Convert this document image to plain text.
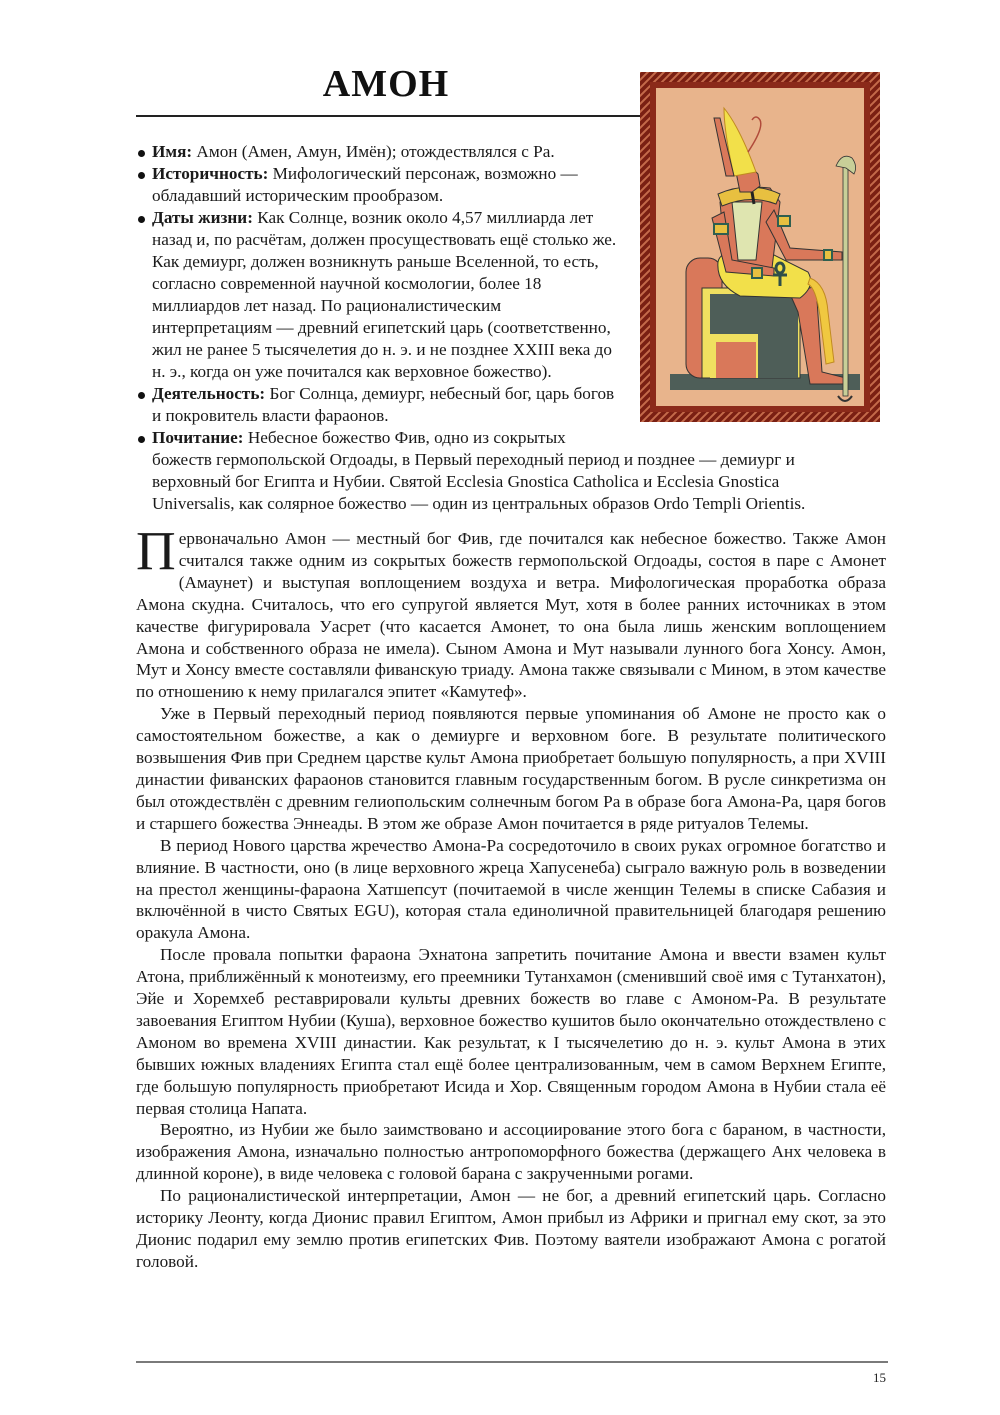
АМОН
Имя: Амон (Амен, Амун, Имён); отождествлялся с Ра.
Историчность: Мифологический персонаж, возможно — обладавший историческим прообразом.
Даты жизни: Как Солнце, возник около 4,57 миллиарда лет назад и, по расчётам, должен просуществовать ещё столько же. Как демиург, должен возникнуть раньше Вселенной, то есть, согласно современной научной космологии, более 18 миллиардов лет назад. По рационалистическим интерпретациям — древний египетский царь (соответственно, жил не ранее 5 тысячелетия до н. э. и не позднее XXIII века до н. э., когда он уже почитался как верховное божество).
Деятельность: Бог Солнца, демиург, небесный бог, царь богов и покровитель власти фараонов.
Почитание: Небесное божество Фив, одно из сокрытых
божеств гермопольской Огдоады, в Первый переходный период и позднее — демиург и верховный бог Египта и Нубии. Святой Ecclesia Gnostica Catholica и Ecclesia Gnostica Universalis, как солярное божество — один из центральных образов Ordo Templi Orientis.

Первоначально Амон — местный бог Фив, где почитался как небесное божество. Также Амон считался также одним из сокрытых божеств гермопольской Огдоады, состоя в паре с Амонет (Амаунет) и выступая воплощением воздуха и ветра. Мифологическая проработка образа Амона скудна. Считалось, что его супругой является Мут, хотя в более ранних источниках в этом качестве фигурировала Уасрет (что касается Амонет, то она была лишь женским воплощением Амона и собственного образа не имела). Сыном Амона и Мут называли лунного бога Хонсу. Амон, Мут и Хонсу вместе составляли фиванскую триаду. Амона также связывали с Мином, в этом качестве по отношению к нему прилагался эпитет «Камутеф».

Уже в Первый переходный период появляются первые упоминания об Амоне не просто как о самостоятельном божестве, а как о демиурге и верховном боге. В результате политического возвышения Фив при Среднем царстве культ Амона приобретает большую популярность, а при XVIII династии фиванских фараонов становится главным государственным богом. В русле синкретизма он был отождествлён с древним гелиопольским солнечным богом Ра в образе бога Амона-Ра, царя богов и старшего божества Эннеады. В этом же образе Амон почитается в ряде ритуалов Телемы.

В период Нового царства жречество Амона-Ра сосредоточило в своих руках огромное богатство и влияние. В частности, оно (в лице верховного жреца Хапусенеба) сыграло важную роль в возведении на престол женщины-фараона Хатшепсут (почитаемой в числе женщин Телемы в списке Сабазия и включённой в чисто Святых EGU), которая стала единоличной правительницей благодаря решению оракула Амона.

После провала попытки фараона Эхнатона запретить почитание Амона и ввести взамен культ Атона, приближённый к монотеизму, его преемники Тутанхамон (сменивший своё имя с Тутанхатон), Эйе и Хоремхеб реставрировали культы древних божеств во главе с Амоном-Ра. В результате завоевания Египтом Нубии (Куша), верховное божество кушитов было окончательно отождествлено с Амоном во времена XVIII династии. Как результат, к I тысячелетию до н. э. культ Амона в этих бывших южных владениях Египта стал ещё более централизованным, чем в самом Верхнем Египте, где большую популярность приобретают Исида и Хор. Священным городом Амона в Нубии стала её первая столица Напата.

Вероятно, из Нубии же было заимствовано и ассоциирование этого бога с бараном, в частности, изображения Амона, изначально полностью антропоморфного божества (держащего Анх человека в длинной короне), в виде человека с головой барана с закрученными рогами.

По рационалистической интерпретации, Амон — не бог, а древний египетский царь. Согласно историку Леонту, когда Дионис правил Египтом, Амон прибыл из Африки и пригнал ему скот, за это Дионис подарил ему землю против египетских Фив. Поэтому ваятели изображают Амона с рогатой головой.

15
